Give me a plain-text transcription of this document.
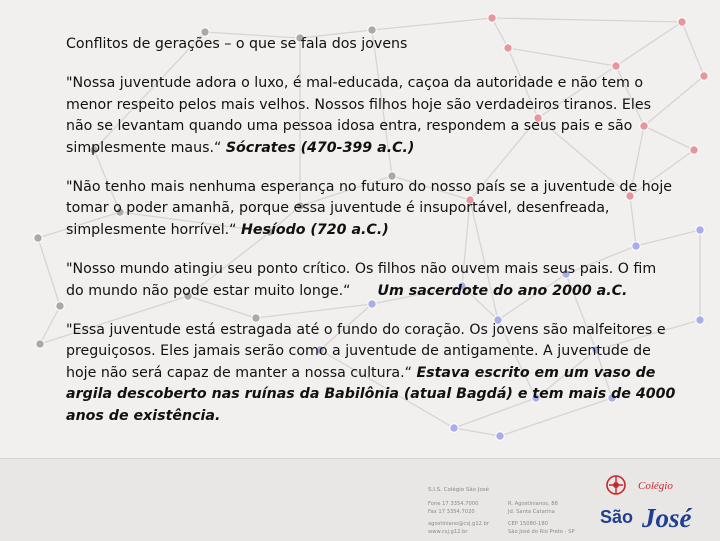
Conflitos de gerações – o que se fala dos jovens
"Nossa juventude adora o luxo, é mal-educada, caçoa da autoridade e não tem o menor respeito pelos mais velhos. Nossos filhos hoje são verdadeiros tiranos. Eles não se levantam quando uma pessoa idosa entra, respondem a seus pais e são simplesmente maus.“ Sócrates (470-399 a.C.)
"Não tenho mais nenhuma esperança no futuro do nosso país se a juventude de hoje tomar o poder amanhã, porque essa juventude é insuportável, desenfreada, simplesmente horrível.“ Hesíodo (720 a.C.)
"Nosso mundo atingiu seu ponto crítico. Os filhos não ouvem mais seus pais. O fim do mundo não pode estar muito longe.“      Um sacerdote do ano 2000 a.C.
"Essa juventude está estragada até o fundo do coração. Os jovens são malfeitores e preguiçosos. Eles jamais serão como a juventude de antigamente. A juventude de hoje não será capaz de manter a nossa cultura.“ Estava escrito em um vaso de argila descoberto nas ruínas da Babilônia (atual Bagdá) e tem mais de 4000 anos de existência.
S.I.S. Colégio São José
Fone 17 3354.7000
Fax 17 3354.7020
R. Agostinianos, 88
Jd. Santa Catarina
agostiniano@csj.g12.br
www.csj.g12.br
CEP 15080-180
São José do Rio Preto - SP
Colégio
São José
